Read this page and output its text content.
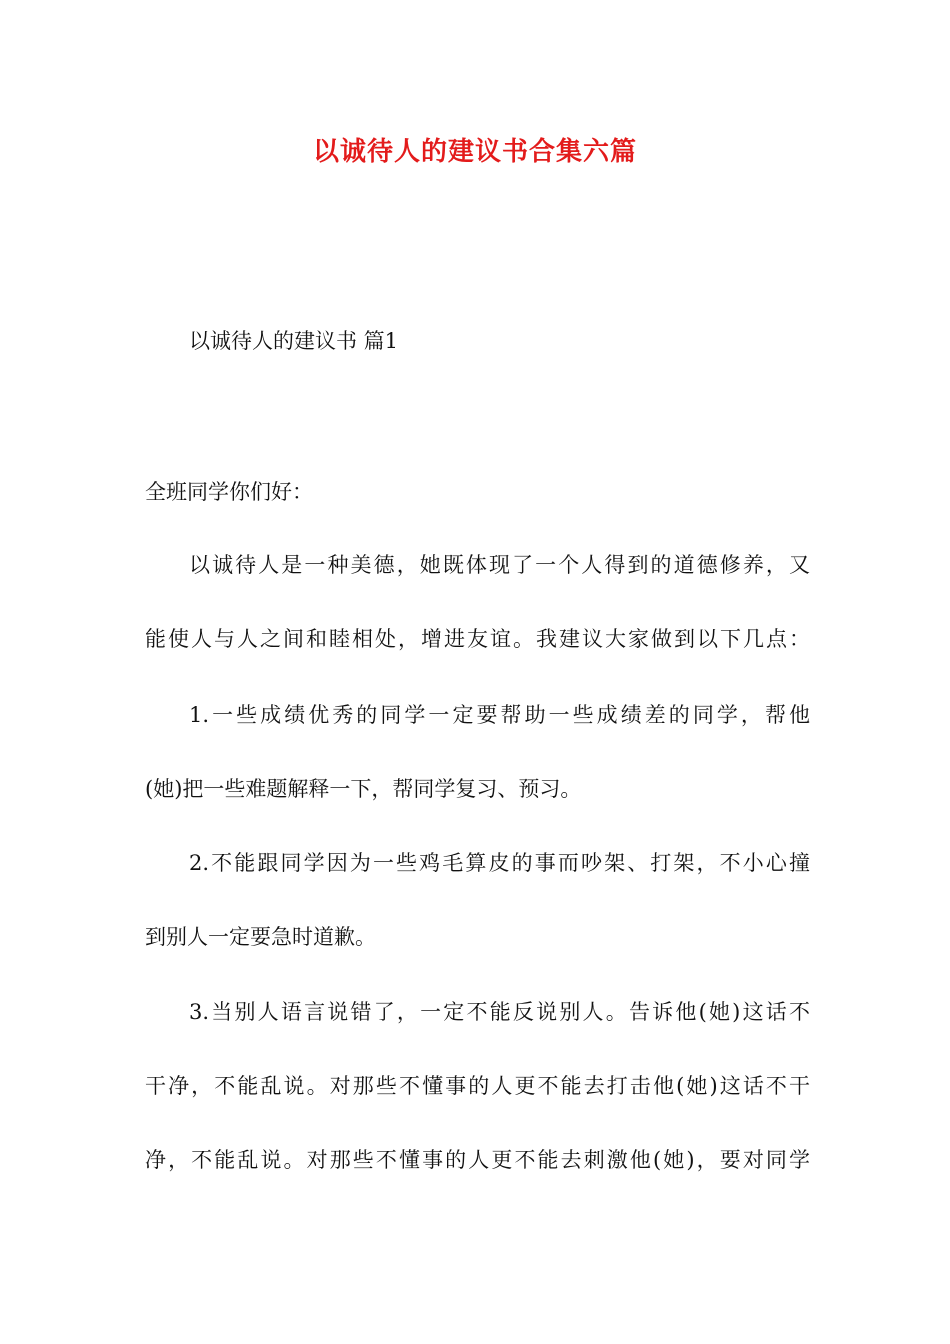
以诚待人的建议书合集六篇
以诚待人的建议书 篇1
全班同学你们好：
以诚待人是一种美德，她既体现了一个人得到的道德修养，又
能使人与人之间和睦相处，增进友谊。我建议大家做到以下几点：
1.一些成绩优秀的同学一定要帮助一些成绩差的同学，帮他
(她)把一些难题解释一下，帮同学复习、预习。
2.不能跟同学因为一些鸡毛算皮的事而吵架、打架，不小心撞
到别人一定要急时道歉。
3.当别人语言说错了，一定不能反说别人。告诉他(她)这话不
干净，不能乱说。对那些不懂事的人更不能去打击他(她)这话不干
净，不能乱说。对那些不懂事的人更不能去刺激他(她)，要对同学
